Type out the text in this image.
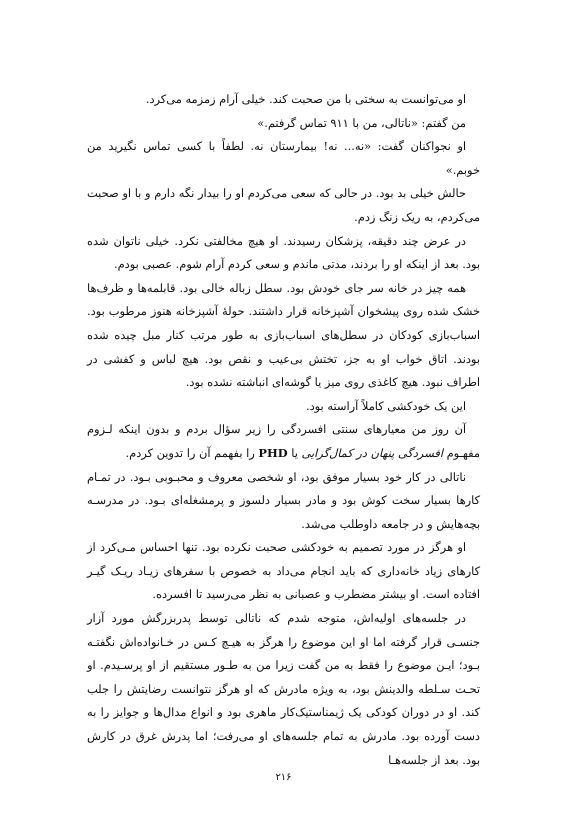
او می‌توانست به سختی با من صحبت کند. خیلی آرام زمزمه می‌کرد.

من گفتم: «ناتالی، من با ۹۱۱ تماس گرفتم.»

او نجواکنان گفت: «نه... نه! بیمارستان نه. لطفاً با کسی تماس نگیرید من خوبم.»

حالش خیلی بد بود. در حالی که سعی می‌کردم او را بیدار نگه دارم و با او صحبت می‌کردم، به ریک زنگ زدم.

در عرض چند دقیقه، پزشکان رسیدند. او هیچ مخالفتی نکرد. خیلی ناتوان شده بود. بعد از اینکه او را بردند، مدتی ماندم و سعی کردم آرام شوم. عصبی بودم.

همه چیز در خانه سر جای خودش بود. سطل زباله خالی بود. قابلمه‌ها و ظرف‌ها خشک شده روی پیشخوان آشپزخانه قرار داشتند. حولهٔ آشپزخانه هنوز مرطوب بود. اسباب‌بازی کودکان در سطل‌های اسباب‌بازی به طور مرتب کنار مبل چیده شده بودند. اتاق خواب او به جز، تختش بی‌عیب و نقص بود. هیچ لباس و کفشی در اطراف نبود. هیچ کاغذی روی میز یا گوشه‌ای انباشته نشده بود.

این یک خودکشی کاملاً آراسته بود.

آن روز من معیارهای سنتی افسردگی را زیر سؤال بردم و بدون اینکه لـزوم مفهـوم افسردگی پنهان در کمال‌گرایی یا PHD را بفهمم آن را تدوین کردم.

ناتالی در کار خود بسیار موفق بود، او شخصی معروف و محبـوبی بـود. در تمـام کارها بسیار سخت کوش بود و مادر بسیار دلسوز و پرمشغله‌ای بـود. در مدرسـه بچه‌هایش و در جامعه داوطلب می‌شد.

او هرگز در مورد تصمیم به خودکشی صحبت نکرده بود. تنها احساس مـی‌کرد از کارهای زیاد خانه‌داری که باید انجام می‌داد به خصوص با سفرهای زیـاد ریـک گیـر افتاده است. او بیشتر مضطرب و عصبانی به نظر می‌رسید تا افسرده.

در جلسه‌های اولیه‌اش، متوجه شدم که ناتالی توسط پدربزرگش مورد آزار جنسـی قرار گرفته اما او این موضوع را هرگز به هیـچ کـس در خـانواده‌اش نگفتـه بـود؛ ایـن موضوع را فقط به من گفت زیرا من به طـور مستقیم از او پرسـیدم. او تحـت سـلطه والدینش بود، به ویژه مادرش که او هرگز نتوانست رضایتش را جلب کند. او در دوران کودکی یک ژیمناستیک‌کار ماهری بود و انواع مدال‌ها و جوایز را به دست آورده بود. مادرش به تمام جلسه‌های او می‌رفت؛ اما پدرش غرق در کارش بود. بعد از جلسه‌هـا

۲۱۶
